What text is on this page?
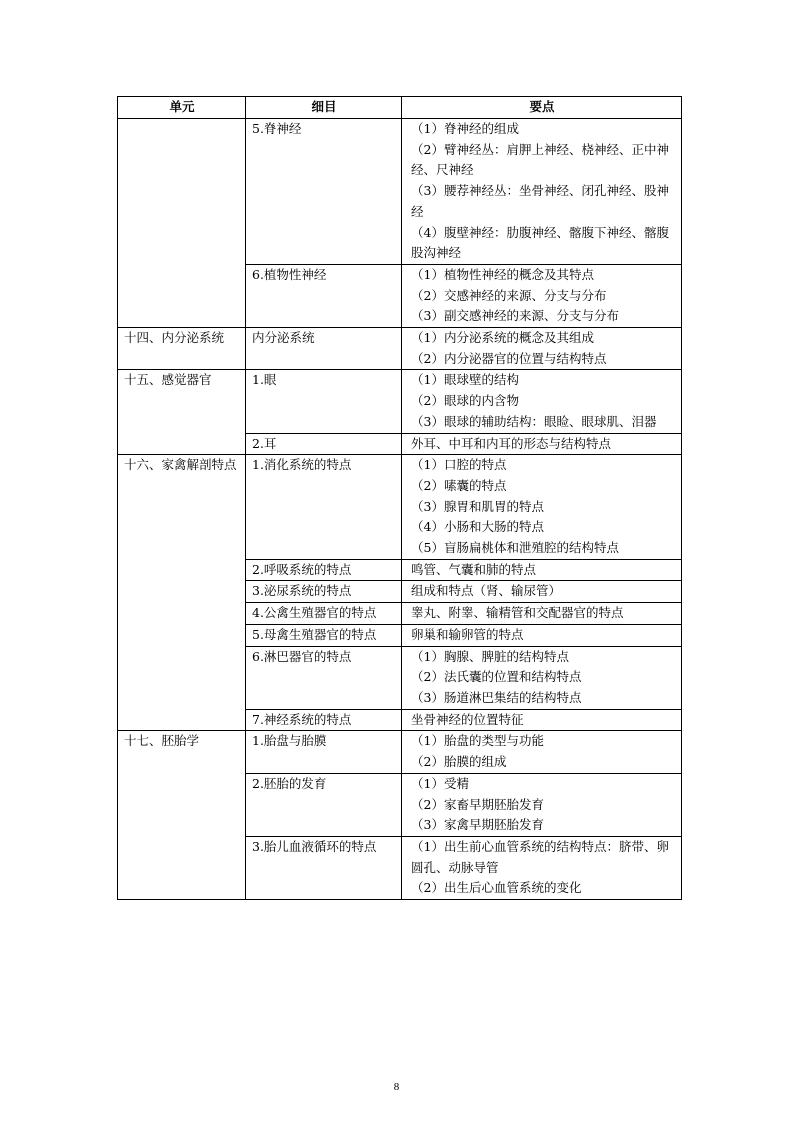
单元	细目	要点
	5.脊神经	（1）脊神经的组成
（2）臂神经丛：肩胛上神经、桡神经、正中神经、尺神经
（3）腰荐神经丛：坐骨神经、闭孔神经、股神经
（4）腹壁神经：肋腹神经、髂腹下神经、髂腹股沟神经

	6.植物性神经	（1）植物性神经的概念及其特点
（2）交感神经的来源、分支与分布
（3）副交感神经的来源、分支与分布

十四、内分泌系统	内分泌系统	（1）内分泌系统的概念及其组成
（2）内分泌器官的位置与结构特点

十五、感觉器官	1.眼	（1）眼球壁的结构
（2）眼球的内含物
（3）眼球的辅助结构：眼睑、眼球肌、泪器

	2.耳	外耳、中耳和内耳的形态与结构特点

十六、家禽解剖特点	1.消化系统的特点	（1）口腔的特点
（2）嗉囊的特点
（3）腺胃和肌胃的特点
（4）小肠和大肠的特点
（5）盲肠扁桃体和泄殖腔的结构特点

	2.呼吸系统的特点	鸣管、气囊和肺的特点

	3.泌尿系统的特点	组成和特点（肾、输尿管）

	4.公禽生殖器官的特点	睾丸、附睾、输精管和交配器官的特点

	5.母禽生殖器官的特点	卵巢和输卵管的特点

	6.淋巴器官的特点	（1）胸腺、脾脏的结构特点
（2）法氏囊的位置和结构特点
（3）肠道淋巴集结的结构特点

	7.神经系统的特点	坐骨神经的位置特征

十七、胚胎学	1.胎盘与胎膜	（1）胎盘的类型与功能
（2）胎膜的组成

	2.胚胎的发育	（1）受精
（2）家畜早期胚胎发育
（3）家禽早期胚胎发育

	3.胎儿血液循环的特点	（1）出生前心血管系统的结构特点：脐带、卵圆孔、动脉导管
（2）出生后心血管系统的变化
8
